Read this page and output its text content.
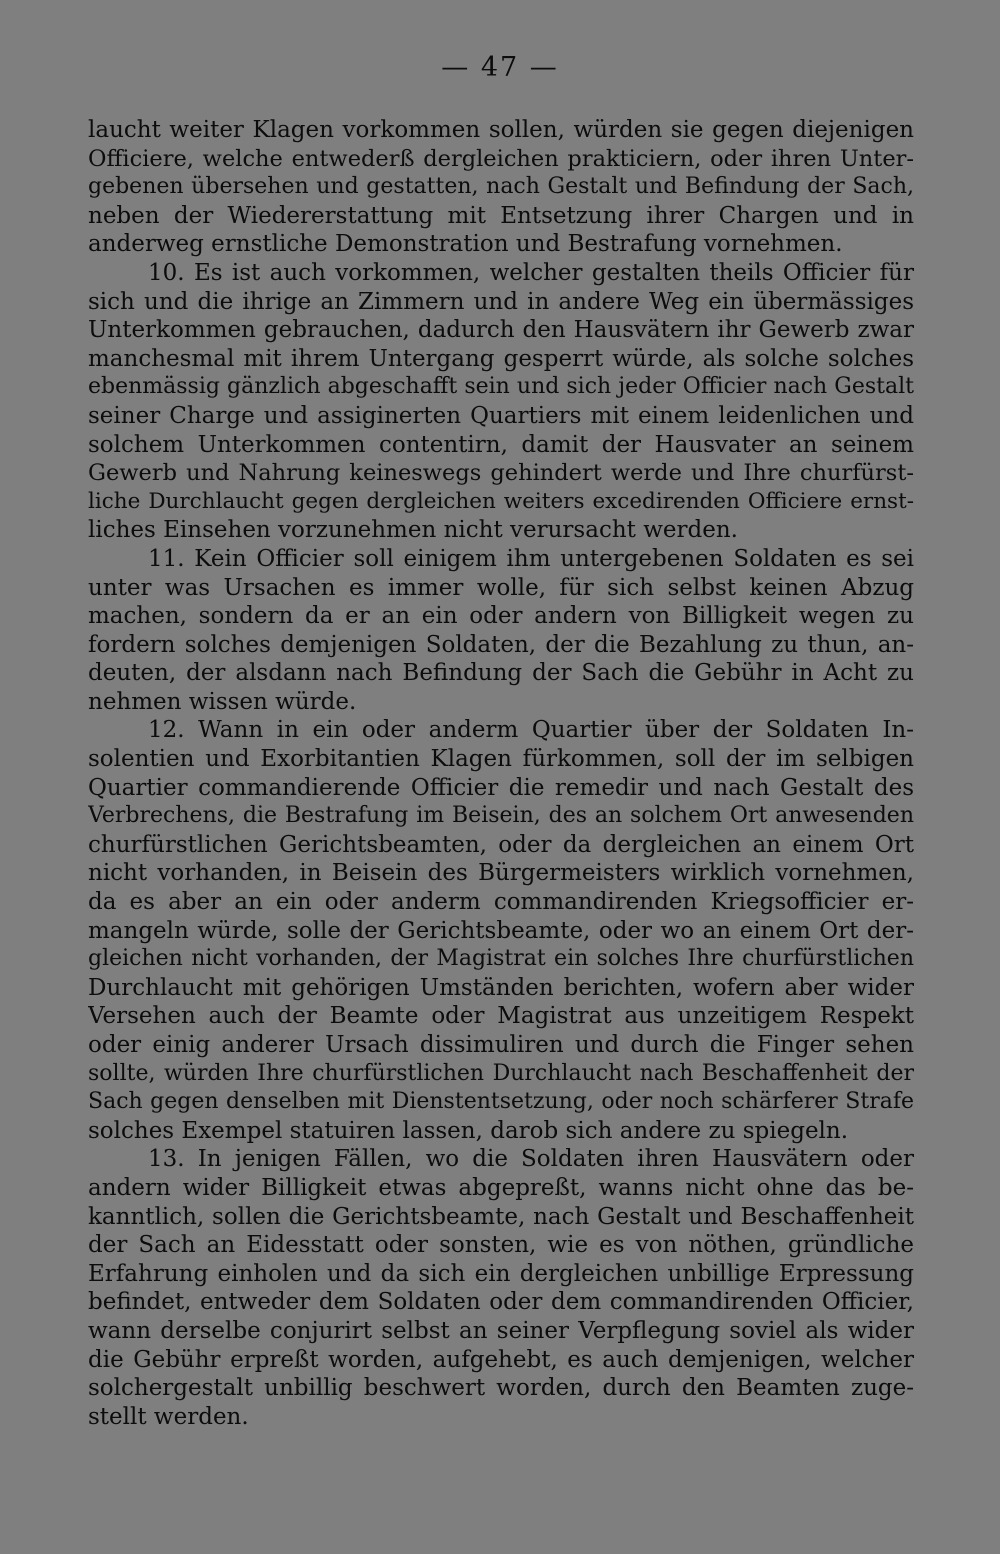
— 47 —
laucht weiter Klagen vorkommen sollen, würden sie gegen diejenigen
Officiere, welche entwederß dergleichen prakticiern, oder ihren Unter-
gebenen übersehen und gestatten, nach Gestalt und Befindung der Sach,
neben der Wiedererstattung mit Entsetzung ihrer Chargen und in
anderweg ernstliche Demonstration und Bestrafung vornehmen.
10. Es ist auch vorkommen, welcher gestalten theils Officier für
sich und die ihrige an Zimmern und in andere Weg ein übermässiges
Unterkommen gebrauchen, dadurch den Hausvätern ihr Gewerb zwar
manchesmal mit ihrem Untergang gesperrt würde, als solche solches
ebenmässig gänzlich abgeschafft sein und sich jeder Officier nach Gestalt
seiner Charge und assiginerten Quartiers mit einem leidenlichen und
solchem Unterkommen contentirn, damit der Hausvater an seinem
Gewerb und Nahrung keineswegs gehindert werde und Ihre churfürst-
liche Durchlaucht gegen dergleichen weiters excedirenden Officiere ernst-
liches Einsehen vorzunehmen nicht verursacht werden.
11. Kein Officier soll einigem ihm untergebenen Soldaten es sei
unter was Ursachen es immer wolle, für sich selbst keinen Abzug
machen, sondern da er an ein oder andern von Billigkeit wegen zu
fordern solches demjenigen Soldaten, der die Bezahlung zu thun, an-
deuten, der alsdann nach Befindung der Sach die Gebühr in Acht zu
nehmen wissen würde.
12. Wann in ein oder anderm Quartier über der Soldaten In-
solentien und Exorbitantien Klagen fürkommen, soll der im selbigen
Quartier commandierende Officier die remedir und nach Gestalt des
Verbrechens, die Bestrafung im Beisein, des an solchem Ort anwesenden
churfürstlichen Gerichtsbeamten, oder da dergleichen an einem Ort
nicht vorhanden, in Beisein des Bürgermeisters wirklich vornehmen,
da es aber an ein oder anderm commandirenden Kriegsofficier er-
mangeln würde, solle der Gerichtsbeamte, oder wo an einem Ort der-
gleichen nicht vorhanden, der Magistrat ein solches Ihre churfürstlichen
Durchlaucht mit gehörigen Umständen berichten, wofern aber wider
Versehen auch der Beamte oder Magistrat aus unzeitigem Respekt
oder einig anderer Ursach dissimuliren und durch die Finger sehen
sollte, würden Ihre churfürstlichen Durchlaucht nach Beschaffenheit der
Sach gegen denselben mit Dienstentsetzung, oder noch schärferer Strafe
solches Exempel statuiren lassen, darob sich andere zu spiegeln.
13. In jenigen Fällen, wo die Soldaten ihren Hausvätern oder
andern wider Billigkeit etwas abgepreßt, wanns nicht ohne das be-
kanntlich, sollen die Gerichtsbeamte, nach Gestalt und Beschaffenheit
der Sach an Eidesstatt oder sonsten, wie es von nöthen, gründliche
Erfahrung einholen und da sich ein dergleichen unbillige Erpressung
befindet, entweder dem Soldaten oder dem commandirenden Officier,
wann derselbe conjurirt selbst an seiner Verpflegung soviel als wider
die Gebühr erpreßt worden, aufgehebt, es auch demjenigen, welcher
solchergestalt unbillig beschwert worden, durch den Beamten zuge-
stellt werden.
